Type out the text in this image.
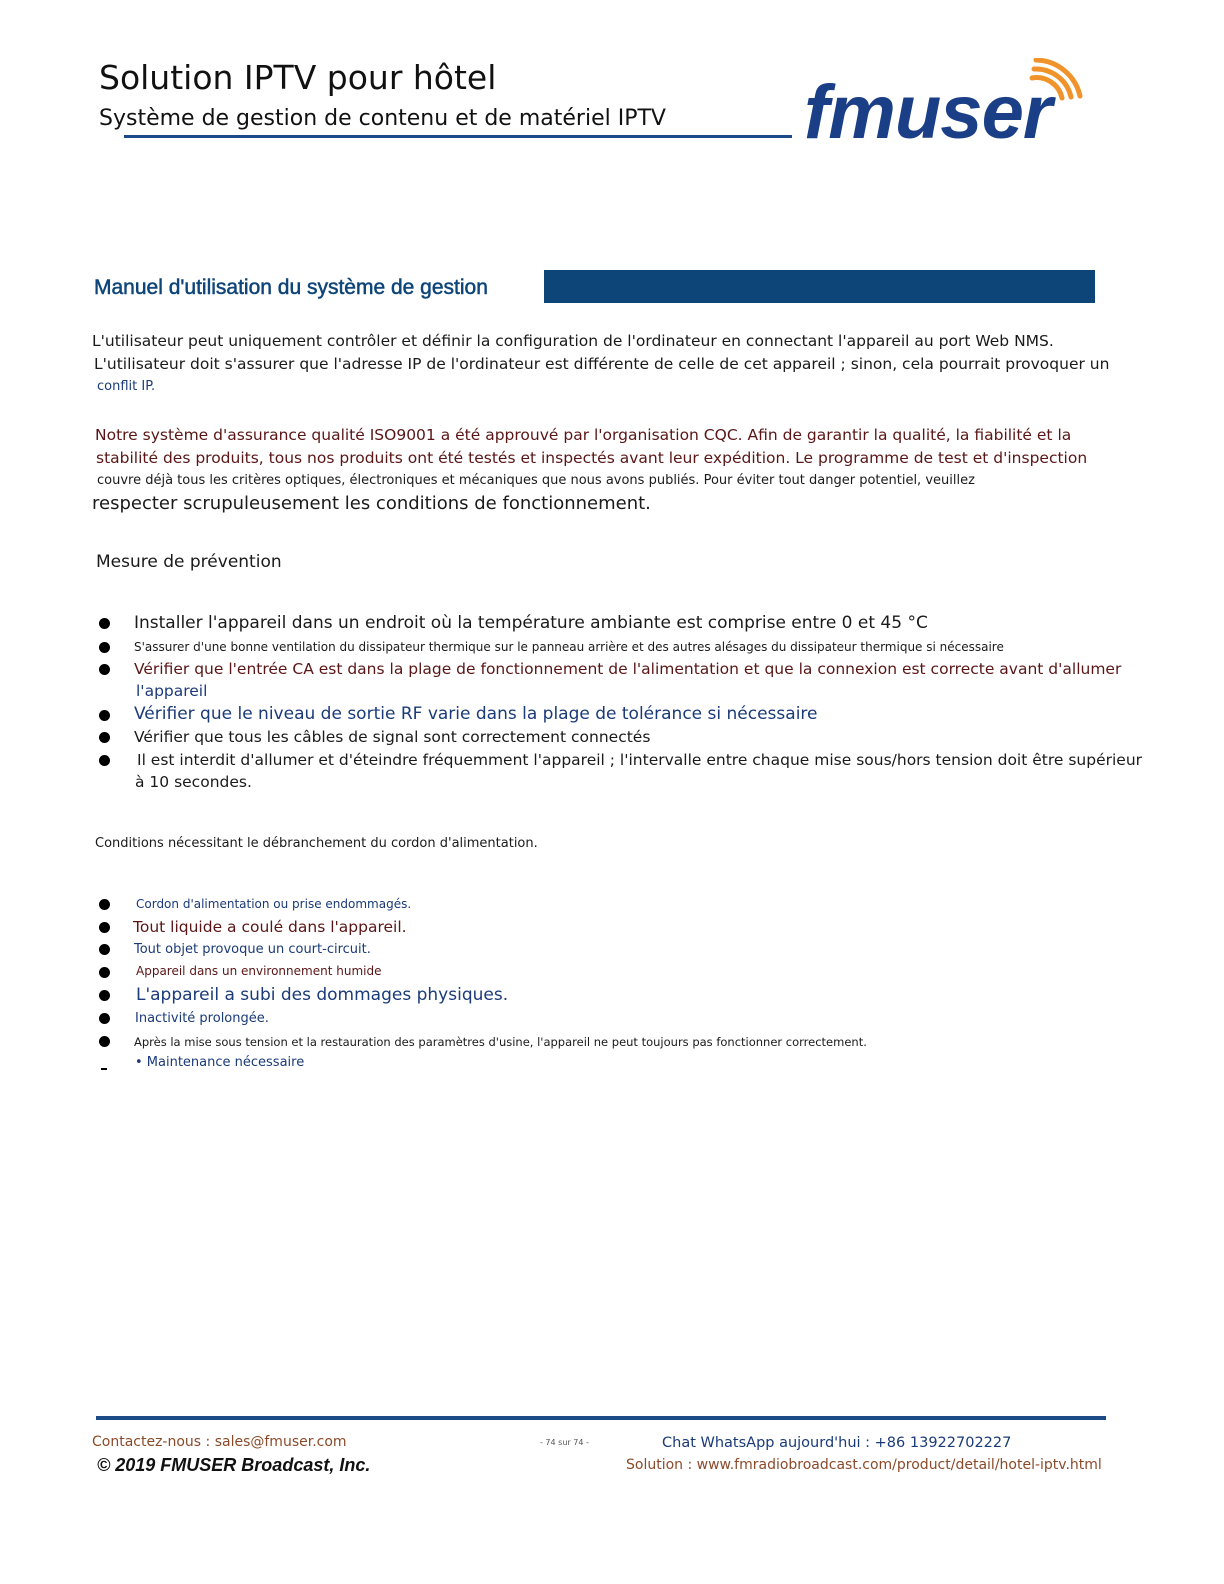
Solution IPTV pour hôtel
Système de gestion de contenu et de matériel IPTV fmuser
Manuel d'utilisation du système de gestion
L'utilisateur peut uniquement contrôler et définir la configuration de l'ordinateur en connectant l'appareil au port Web NMS.
L'utilisateur doit s'assurer que l'adresse IP de l'ordinateur est différente de celle de cet appareil ; sinon, cela pourrait provoquer un
conflit IP.
Notre système d'assurance qualité ISO9001 a été approuvé par l'organisation CQC. Afin de garantir la qualité, la fiabilité et la
stabilité des produits, tous nos produits ont été testés et inspectés avant leur expédition. Le programme de test et d'inspection
couvre déjà tous les critères optiques, électroniques et mécaniques que nous avons publiés. Pour éviter tout danger potentiel, veuillez
respecter scrupuleusement les conditions de fonctionnement.
Mesure de prévention
Installer l'appareil dans un endroit où la température ambiante est comprise entre 0 et 45 °C
S'assurer d'une bonne ventilation du dissipateur thermique sur le panneau arrière et des autres alésages du dissipateur thermique si nécessaire
Vérifier que l'entrée CA est dans la plage de fonctionnement de l'alimentation et que la connexion est correcte avant d'allumer
l'appareil
Vérifier que le niveau de sortie RF varie dans la plage de tolérance si nécessaire
Vérifier que tous les câbles de signal sont correctement connectés
Il est interdit d'allumer et d'éteindre fréquemment l'appareil ; l'intervalle entre chaque mise sous/hors tension doit être supérieur
à 10 secondes.
Conditions nécessitant le débranchement du cordon d'alimentation.
Cordon d'alimentation ou prise endommagés.
Tout liquide a coulé dans l'appareil.
Tout objet provoque un court-circuit.
Appareil dans un environnement humide
L'appareil a subi des dommages physiques.
Inactivité prolongée.
Après la mise sous tension et la restauration des paramètres d'usine, l'appareil ne peut toujours pas fonctionner correctement.
• Maintenance nécessaire
Contactez-nous : sales@fmuser.com
© 2019 FMUSER Broadcast, Inc.
- 74 sur 74 -	Chat WhatsApp aujourd'hui : +86 13922702227
Solution : www.fmradiobroadcast.com/product/detail/hotel-iptv.html
